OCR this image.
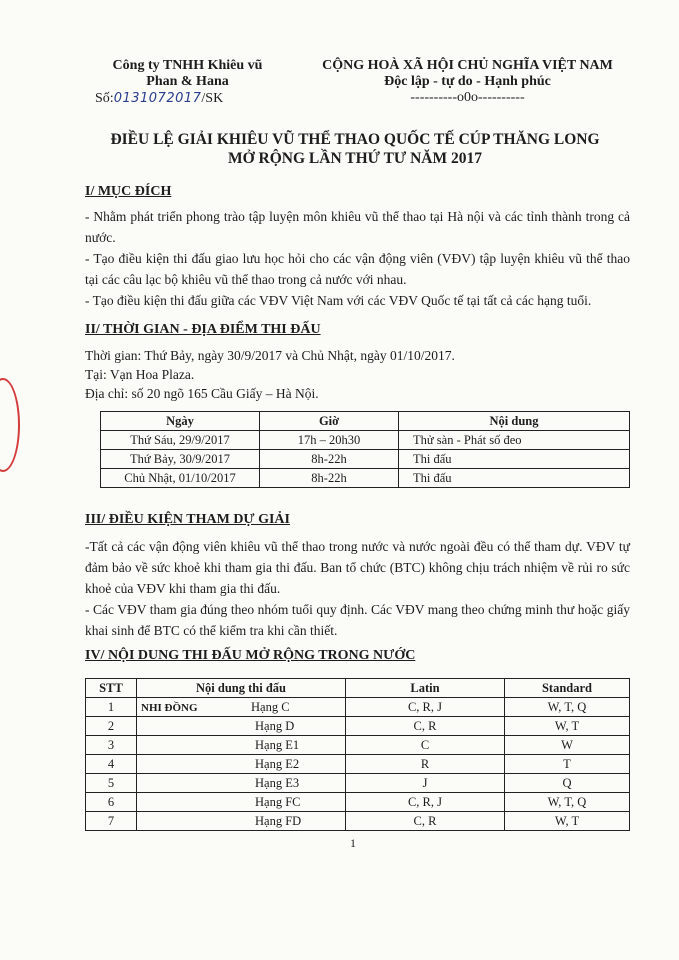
Công ty TNHH Khiêu vũ
Phan & Hana
Số:0131072017/SK
CỘNG HOÀ XÃ HỘI CHỦ NGHĨA VIỆT NAM
Độc lập - tự do - Hạnh phúc
----------o0o----------
ĐIỀU LỆ GIẢI KHIÊU VŨ THỂ THAO QUỐC TẾ CÚP THĂNG LONG
MỞ RỘNG LẦN THỨ TƯ NĂM 2017
I/ MỤC ĐÍCH
- Nhằm phát triển phong trào tập luyện môn khiêu vũ thể thao tại Hà nội và các tỉnh thành trong cả nước.
- Tạo điều kiện thi đấu giao lưu học hỏi cho các vận động viên (VĐV) tập luyện khiêu vũ thể thao tại các câu lạc bộ khiêu vũ thể thao trong cả nước với nhau.
- Tạo điều kiện thi đấu giữa các VĐV Việt Nam với các VĐV Quốc tế tại tất cả các hạng tuổi.
II/ THỜI GIAN - ĐỊA ĐIỂM THI ĐẤU
Thời gian: Thứ Bảy, ngày 30/9/2017 và Chủ Nhật, ngày 01/10/2017.
Tại: Vạn Hoa Plaza.
Địa chỉ: số 20 ngõ 165 Cầu Giấy – Hà Nội.
Ngày	Giờ	Nội dung
Thứ Sáu, 29/9/2017	17h – 20h30	Thử sàn - Phát số đeo
Thứ Bảy, 30/9/2017	8h-22h	Thi đấu
Chủ Nhật, 01/10/2017	8h-22h	Thi đấu
III/ ĐIỀU KIỆN THAM DỰ GIẢI
-Tất cả các vận động viên khiêu vũ thể thao trong nước và nước ngoài đều có thể tham dự. VĐV tự đảm bảo về sức khoẻ khi tham gia thi đấu. Ban tổ chức (BTC) không chịu trách nhiệm về rủi ro sức khoẻ của VĐV khi tham gia thi đấu.
- Các VĐV tham gia đúng theo nhóm tuổi quy định. Các VĐV mang theo chứng minh thư hoặc giấy khai sinh để BTC có thể kiểm tra khi cần thiết.
IV/ NỘI DUNG THI ĐẤU MỞ RỘNG TRONG NƯỚC
STT	Nội dung thi đấu	Latin	Standard
1	NHI ĐỒNG Hạng C	C, R, J	W, T, Q
2	Hạng D	C, R	W, T
3	Hạng E1	C	W
4	Hạng E2	R	T
5	Hạng E3	J	Q
6	Hạng FC	C, R, J	W, T, Q
7	Hạng FD	C, R	W, T
1
